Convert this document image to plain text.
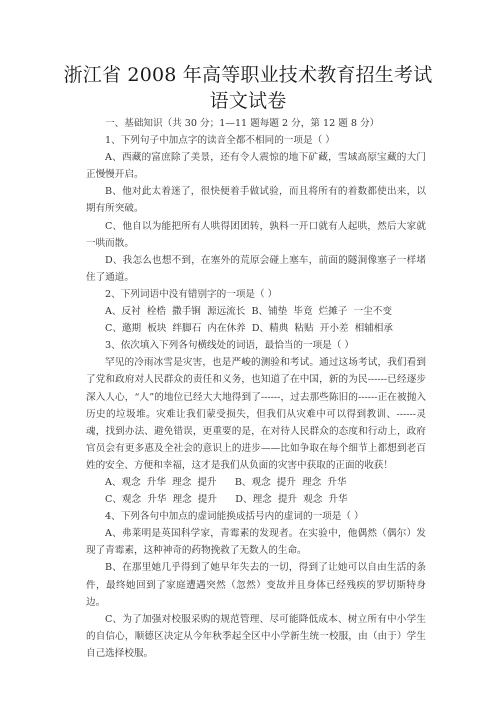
浙江省 2008 年高等职业技术教育招生考试
语文试卷

一、基础知识（共 30 分；1—11 题每题 2 分，第 12 题 8 分）

1、下列句子中加点字的读音全都不相同的一项是（ ）

A、西藏的富庶除了美景，还有令人震惊的地下矿藏，雪域高原宝藏的大门正慢慢开启。

B、他对此太着迷了，很快便着手做试验，而且将所有的着数都使出来，以期有所突破。

C、他自以为能把所有人哄得团团转，孰料一开口就有人起哄，然后大家就一哄而散。

D、我怎么也想不到，在塞外的荒原会碰上塞车，前面的隧洞像塞子一样堵住了通道。

2、下列词语中没有错别字的一项是（ ）

A、反衬  栓梏  撒手锏  源远流长  B、铺垫  毕竟  烂摊子  一尘不变

C、邀期  板块  绊脚石  内在休养  D、精典  粘贴  开小差  相辅相承

3、依次填入下列各句横线处的词语，最恰当的一项是（ ）

罕见的冷雨冰雪是灾害，也是严峻的测验和考试。通过这场考试，我们看到了党和政府对人民群众的责任和义务，也知道了在中国，新的为民------已经逐步深入人心，“人”的地位已经大大地得到了------，过去那些陈旧的------正在被抛入历史的垃圾堆。灾难让我们蒙受损失，但我们从灾难中可以得到教训、------灵魂，找到办法、避免错误，更重要的是，在对待人民群众的态度和行动上，政府官员会有更多惠及全社会的意识上的进步——比如争取在每个细节上都想到老百姓的安全、方便和幸福，这才是我们从负面的灾害中获取的正面的收获！

A、观念  升华  理念  提升      B、观念  提升  理念  升华

C、观念  升华  理念  提升      D、理念  提升  观念  升华

4、下列各句中加点的虚词能换成括号内的虚词的一项是（ ）

A、弗莱明是英国科学家，青霉素的发现者。在实验中，他偶然（偶尔）发现了青霉素，这种神奇的药物挽救了无数人的生命。

B、在那里她几乎得到了她早年失去的一切，得到了让她可以自由生活的条件，最终她回到了家庭遭遇突然（忽然）变故并且身体已经残疾的罗切斯特身边。

C、为了加强对校服采购的规范管理、尽可能降低成本、树立所有中小学生的自信心，顺德区决定从今年秋季起全区中小学新生统一校服，由（由于）学生自己选择校服。
